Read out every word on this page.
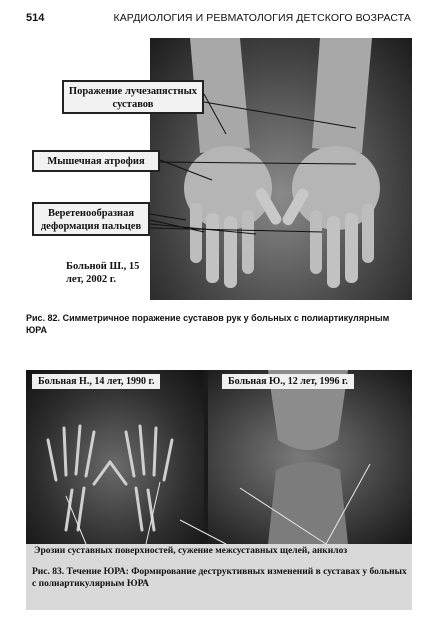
514	КАРДИОЛОГИЯ И РЕВМАТОЛОГИЯ ДЕТСКОГО ВОЗРАСТА
Поражение лучезапястных суставов
Мышечная атрофия
Веретенообразная деформация пальцев
Больной Ш., 15 лет, 2002 г.
Рис. 82. Симметричное поражение суставов рук у больных с полиартикулярным ЮРА
Больная Н., 14 лет, 1990 г.	Больная Ю., 12 лет, 1996 г.
Эрозии суставных поверхностей, сужение межсуставных щелей, анкилоз
Рис. 83. Течение ЮРА: Формирование деструктивных изменений в суставах у больных с полиартикулярным ЮРА
